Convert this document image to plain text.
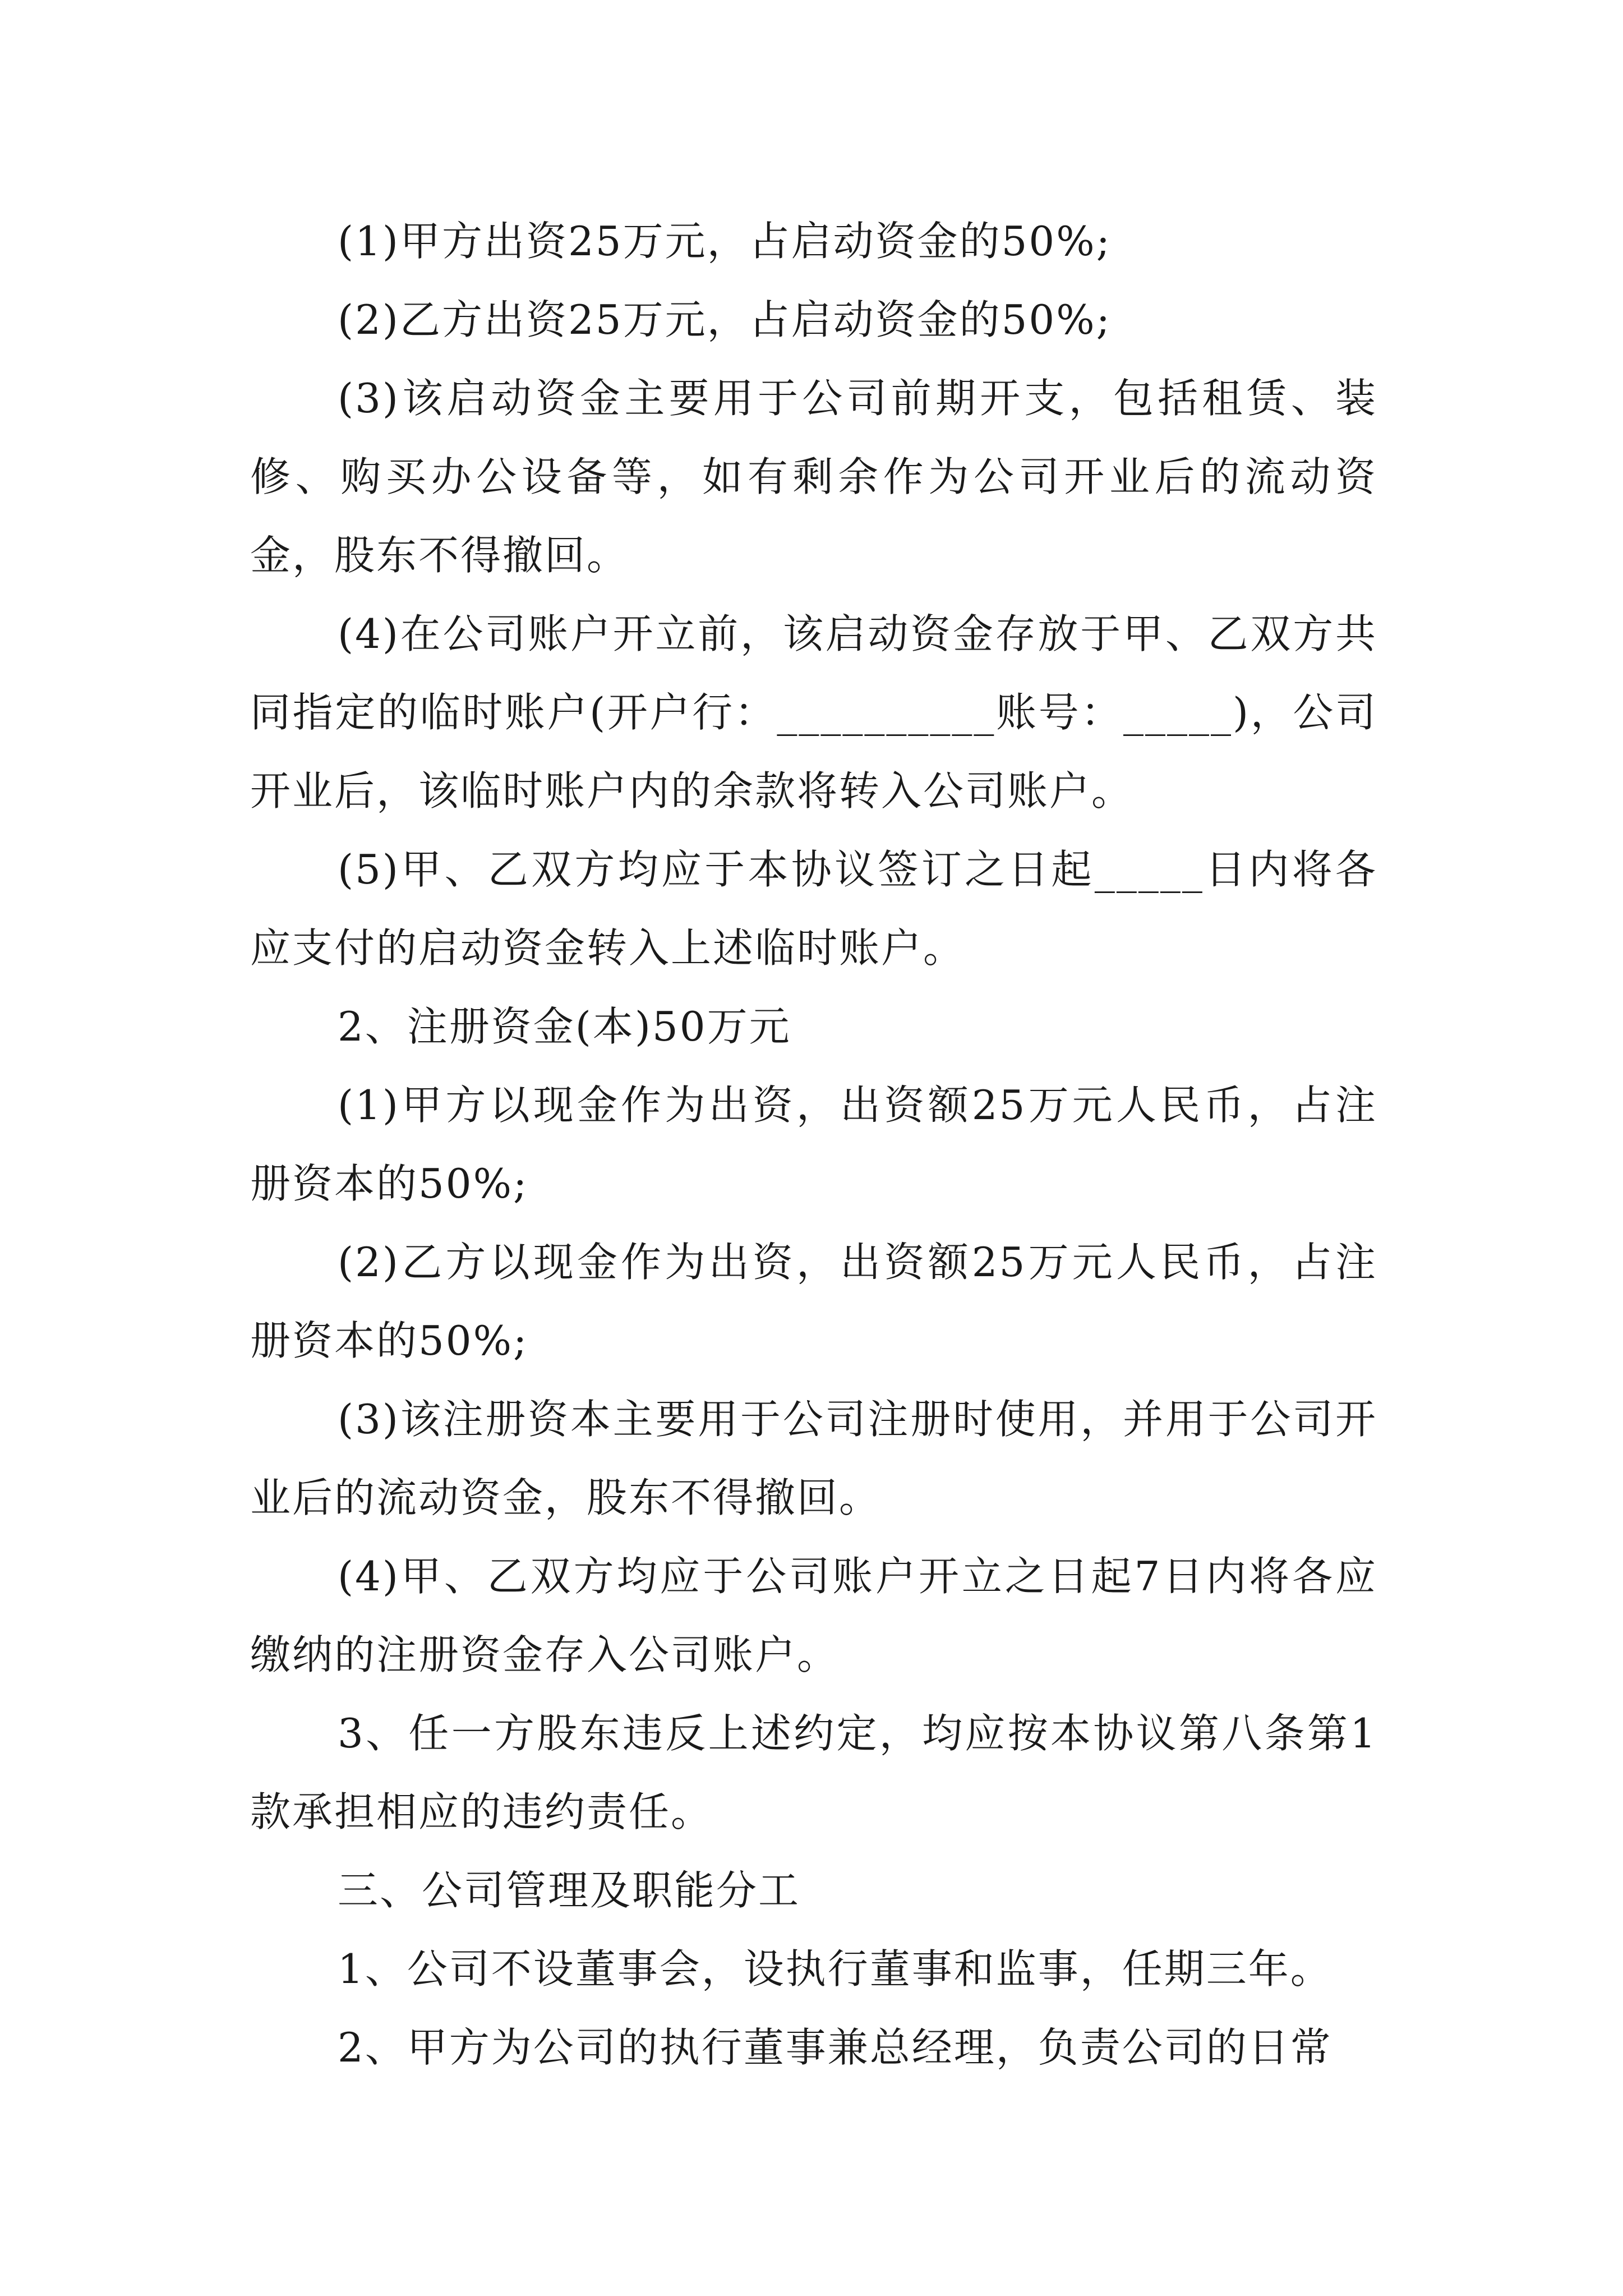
(1)甲方出资25万元，占启动资金的50%;

(2)乙方出资25万元，占启动资金的50%;

(3)该启动资金主要用于公司前期开支，包括租赁、装修、购买办公设备等，如有剩余作为公司开业后的流动资金，股东不得撤回。

(4)在公司账户开立前，该启动资金存放于甲、乙双方共同指定的临时账户(开户行：__________账号：_____)，公司开业后，该临时账户内的余款将转入公司账户。

(5)甲、乙双方均应于本协议签订之日起_____日内将各应支付的启动资金转入上述临时账户。

2、注册资金(本)50万元

(1)甲方以现金作为出资，出资额25万元人民币，占注册资本的50%;

(2)乙方以现金作为出资，出资额25万元人民币，占注册资本的50%;

(3)该注册资本主要用于公司注册时使用，并用于公司开业后的流动资金，股东不得撤回。

(4)甲、乙双方均应于公司账户开立之日起7日内将各应缴纳的注册资金存入公司账户。

3、任一方股东违反上述约定，均应按本协议第八条第1款承担相应的违约责任。

三、公司管理及职能分工

1、公司不设董事会，设执行董事和监事，任期三年。

2、甲方为公司的执行董事兼总经理，负责公司的日常
